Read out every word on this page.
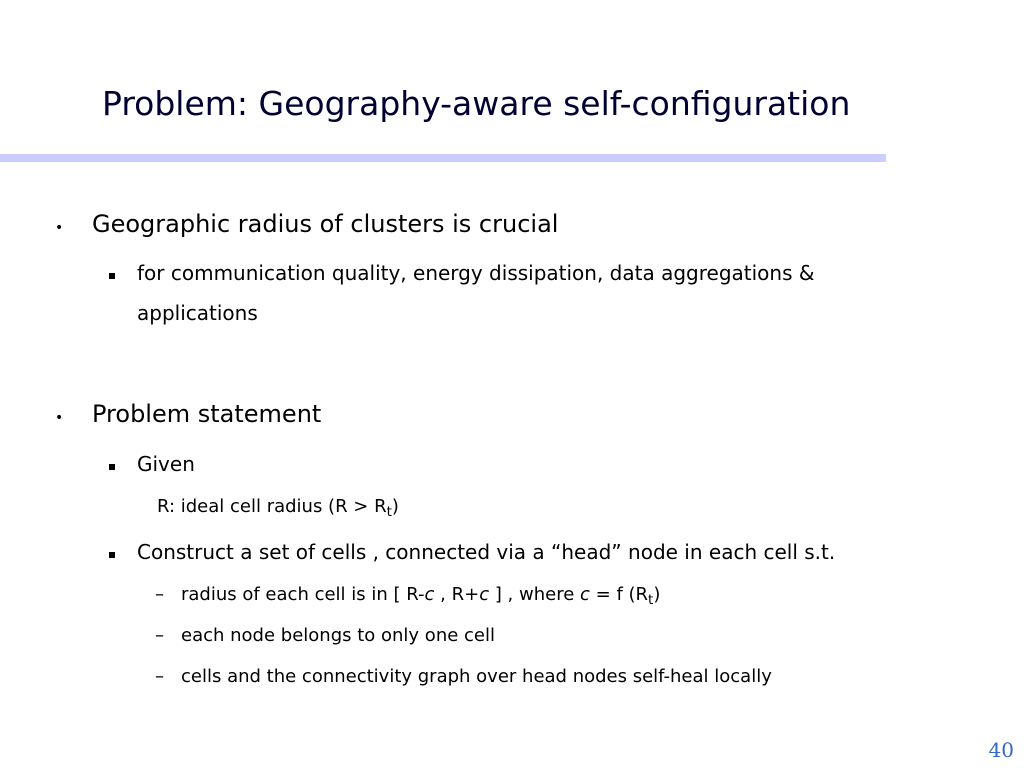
Problem: Geography-aware self-configuration
• Geographic radius of clusters is crucial
for communication quality, energy dissipation, data aggregations &
applications
• Problem statement
Given
R: ideal cell radius $(R > R_t)$
Construct a set of cells , connected via a “head” node in each cell s.t.
– radius of each cell is in [ R-c , R+c ] , where c = f $(R_t)$
– each node belongs to only one cell
– cells and the connectivity graph over head nodes self-heal locally
40
